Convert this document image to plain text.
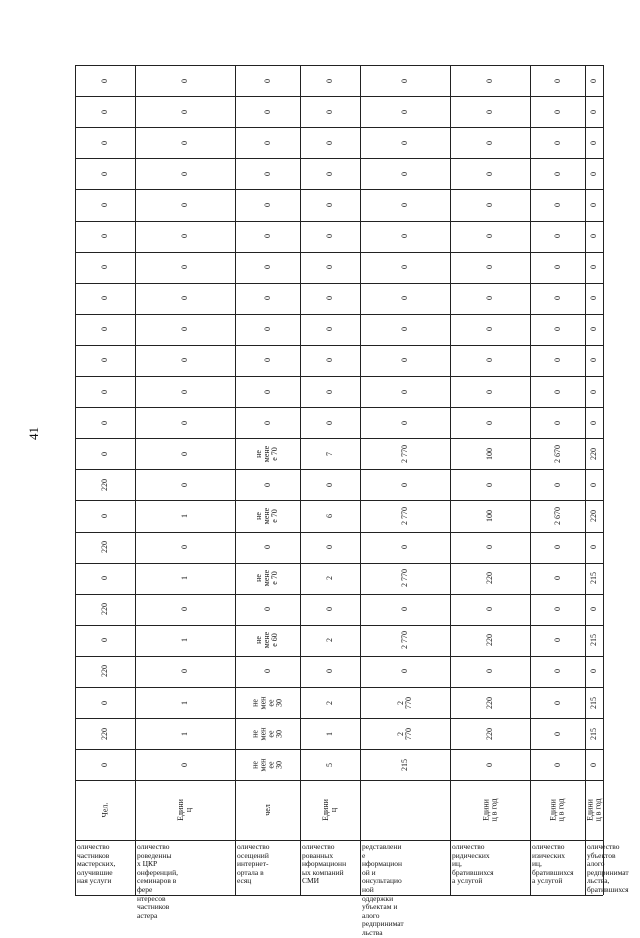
41
0
220
0
220
0
220
0
220
0
220
0
0
0
0
0
0
0
0
0
0
0
0
0
Чел.
оличество
частников
мастерских,
олучившие
ная услуги
0
1
1
0
1
0
1
0
1
0
0
0
0
0
0
0
0
0
0
0
0
0
0
Едини
ц
оличество
роведенны
х ЦКР
онференций,
семинаров в
фере
нтересов
частников
астера
не
мен
ее
30
не
мен
ее
30
не
мен
ее
30
0
не
мене
е 60
0
не
мене
е 70
0
не
мене
е 70
0
не
мене
е 70
0
0
0
0
0
0
0
0
0
0
0
0
чел
оличество
осещений
интернет-
ортала в
есяц
5
1
2
0
2
0
2
0
6
0
7
0
0
0
0
0
0
0
0
0
0
0
0
Едини
ц
оличество
рованных
нформационн
ых компаний
СМИ
215
2
770
2
770
0
2 770
0
2 770
0
2 770
0
2 770
0
0
0
0
0
0
0
0
0
0
0
0
редставлени
е
нформацион
ой и
онсультацио
ной
оддержки
убъектам и
алого
редпринимат
льства
0
220
220
0
220
0
220
0
100
0
100
0
0
0
0
0
0
0
0
0
0
0
0
Едини
ц в год
оличество
ридических
иц,
братившихся
а услугой
0
0
0
0
0
0
0
0
2 670
0
2 670
0
0
0
0
0
0
0
0
0
0
0
0
Едини
ц в год
оличество
изических
иц,
братившихся
а услугой
0
215
215
0
215
0
215
0
220
0
220
0
0
0
0
0
0
0
0
0
0
0
0
Едини
ц в год
оличество
убъектов
алого
редпринимат
льства,
братившихся
